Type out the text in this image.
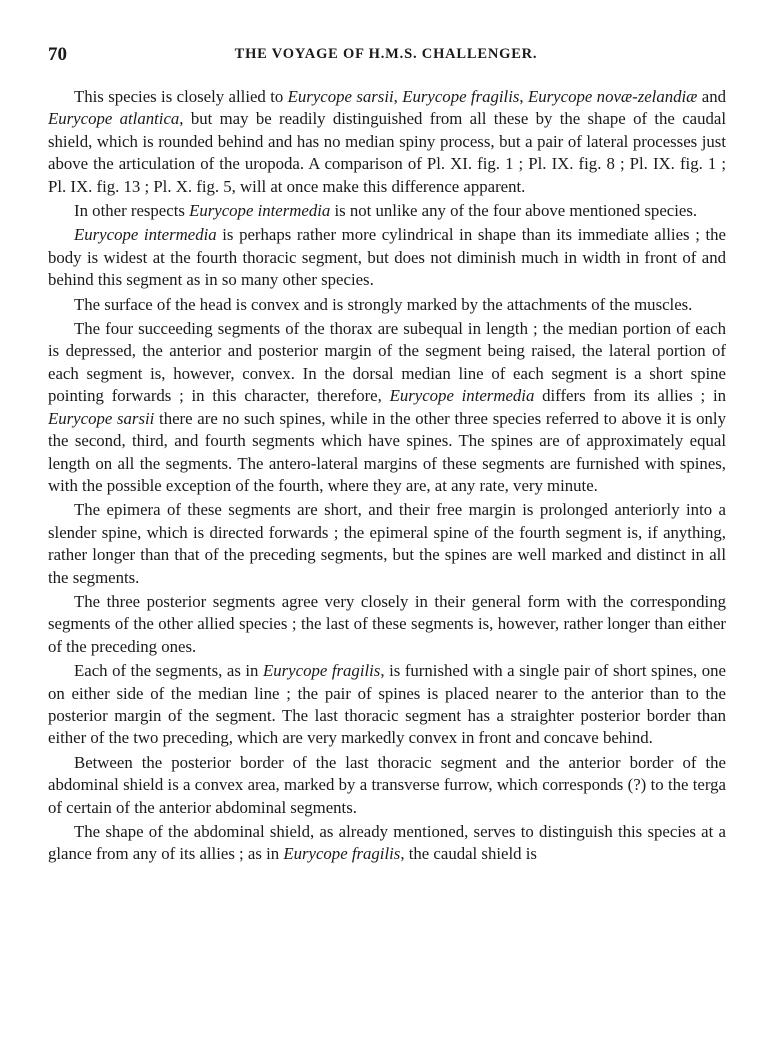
70	THE VOYAGE OF H.M.S. CHALLENGER.

This species is closely allied to Eurycope sarsii, Eurycope fragilis, Eurycope novæ-zelandiæ and Eurycope atlantica, but may be readily distinguished from all these by the shape of the caudal shield, which is rounded behind and has no median spiny process, but a pair of lateral processes just above the articulation of the uropoda. A comparison of Pl. XI. fig. 1 ; Pl. IX. fig. 8 ; Pl. IX. fig. 1 ; Pl. IX. fig. 13 ; Pl. X. fig. 5, will at once make this difference apparent.

In other respects Eurycope intermedia is not unlike any of the four above mentioned species.

Eurycope intermedia is perhaps rather more cylindrical in shape than its immediate allies ; the body is widest at the fourth thoracic segment, but does not diminish much in width in front of and behind this segment as in so many other species.

The surface of the head is convex and is strongly marked by the attachments of the muscles.

The four succeeding segments of the thorax are subequal in length ; the median portion of each is depressed, the anterior and posterior margin of the segment being raised, the lateral portion of each segment is, however, convex. In the dorsal median line of each segment is a short spine pointing forwards ; in this character, therefore, Eurycope intermedia differs from its allies ; in Eurycope sarsii there are no such spines, while in the other three species referred to above it is only the second, third, and fourth segments which have spines. The spines are of approximately equal length on all the segments. The antero-lateral margins of these segments are furnished with spines, with the possible exception of the fourth, where they are, at any rate, very minute.

The epimera of these segments are short, and their free margin is prolonged anteriorly into a slender spine, which is directed forwards ; the epimeral spine of the fourth segment is, if anything, rather longer than that of the preceding segments, but the spines are well marked and distinct in all the segments.

The three posterior segments agree very closely in their general form with the corresponding segments of the other allied species ; the last of these segments is, however, rather longer than either of the preceding ones.

Each of the segments, as in Eurycope fragilis, is furnished with a single pair of short spines, one on either side of the median line ; the pair of spines is placed nearer to the anterior than to the posterior margin of the segment. The last thoracic segment has a straighter posterior border than either of the two preceding, which are very markedly convex in front and concave behind.

Between the posterior border of the last thoracic segment and the anterior border of the abdominal shield is a convex area, marked by a transverse furrow, which corresponds (?) to the terga of certain of the anterior abdominal segments.

The shape of the abdominal shield, as already mentioned, serves to distinguish this species at a glance from any of its allies ; as in Eurycope fragilis, the caudal shield is
